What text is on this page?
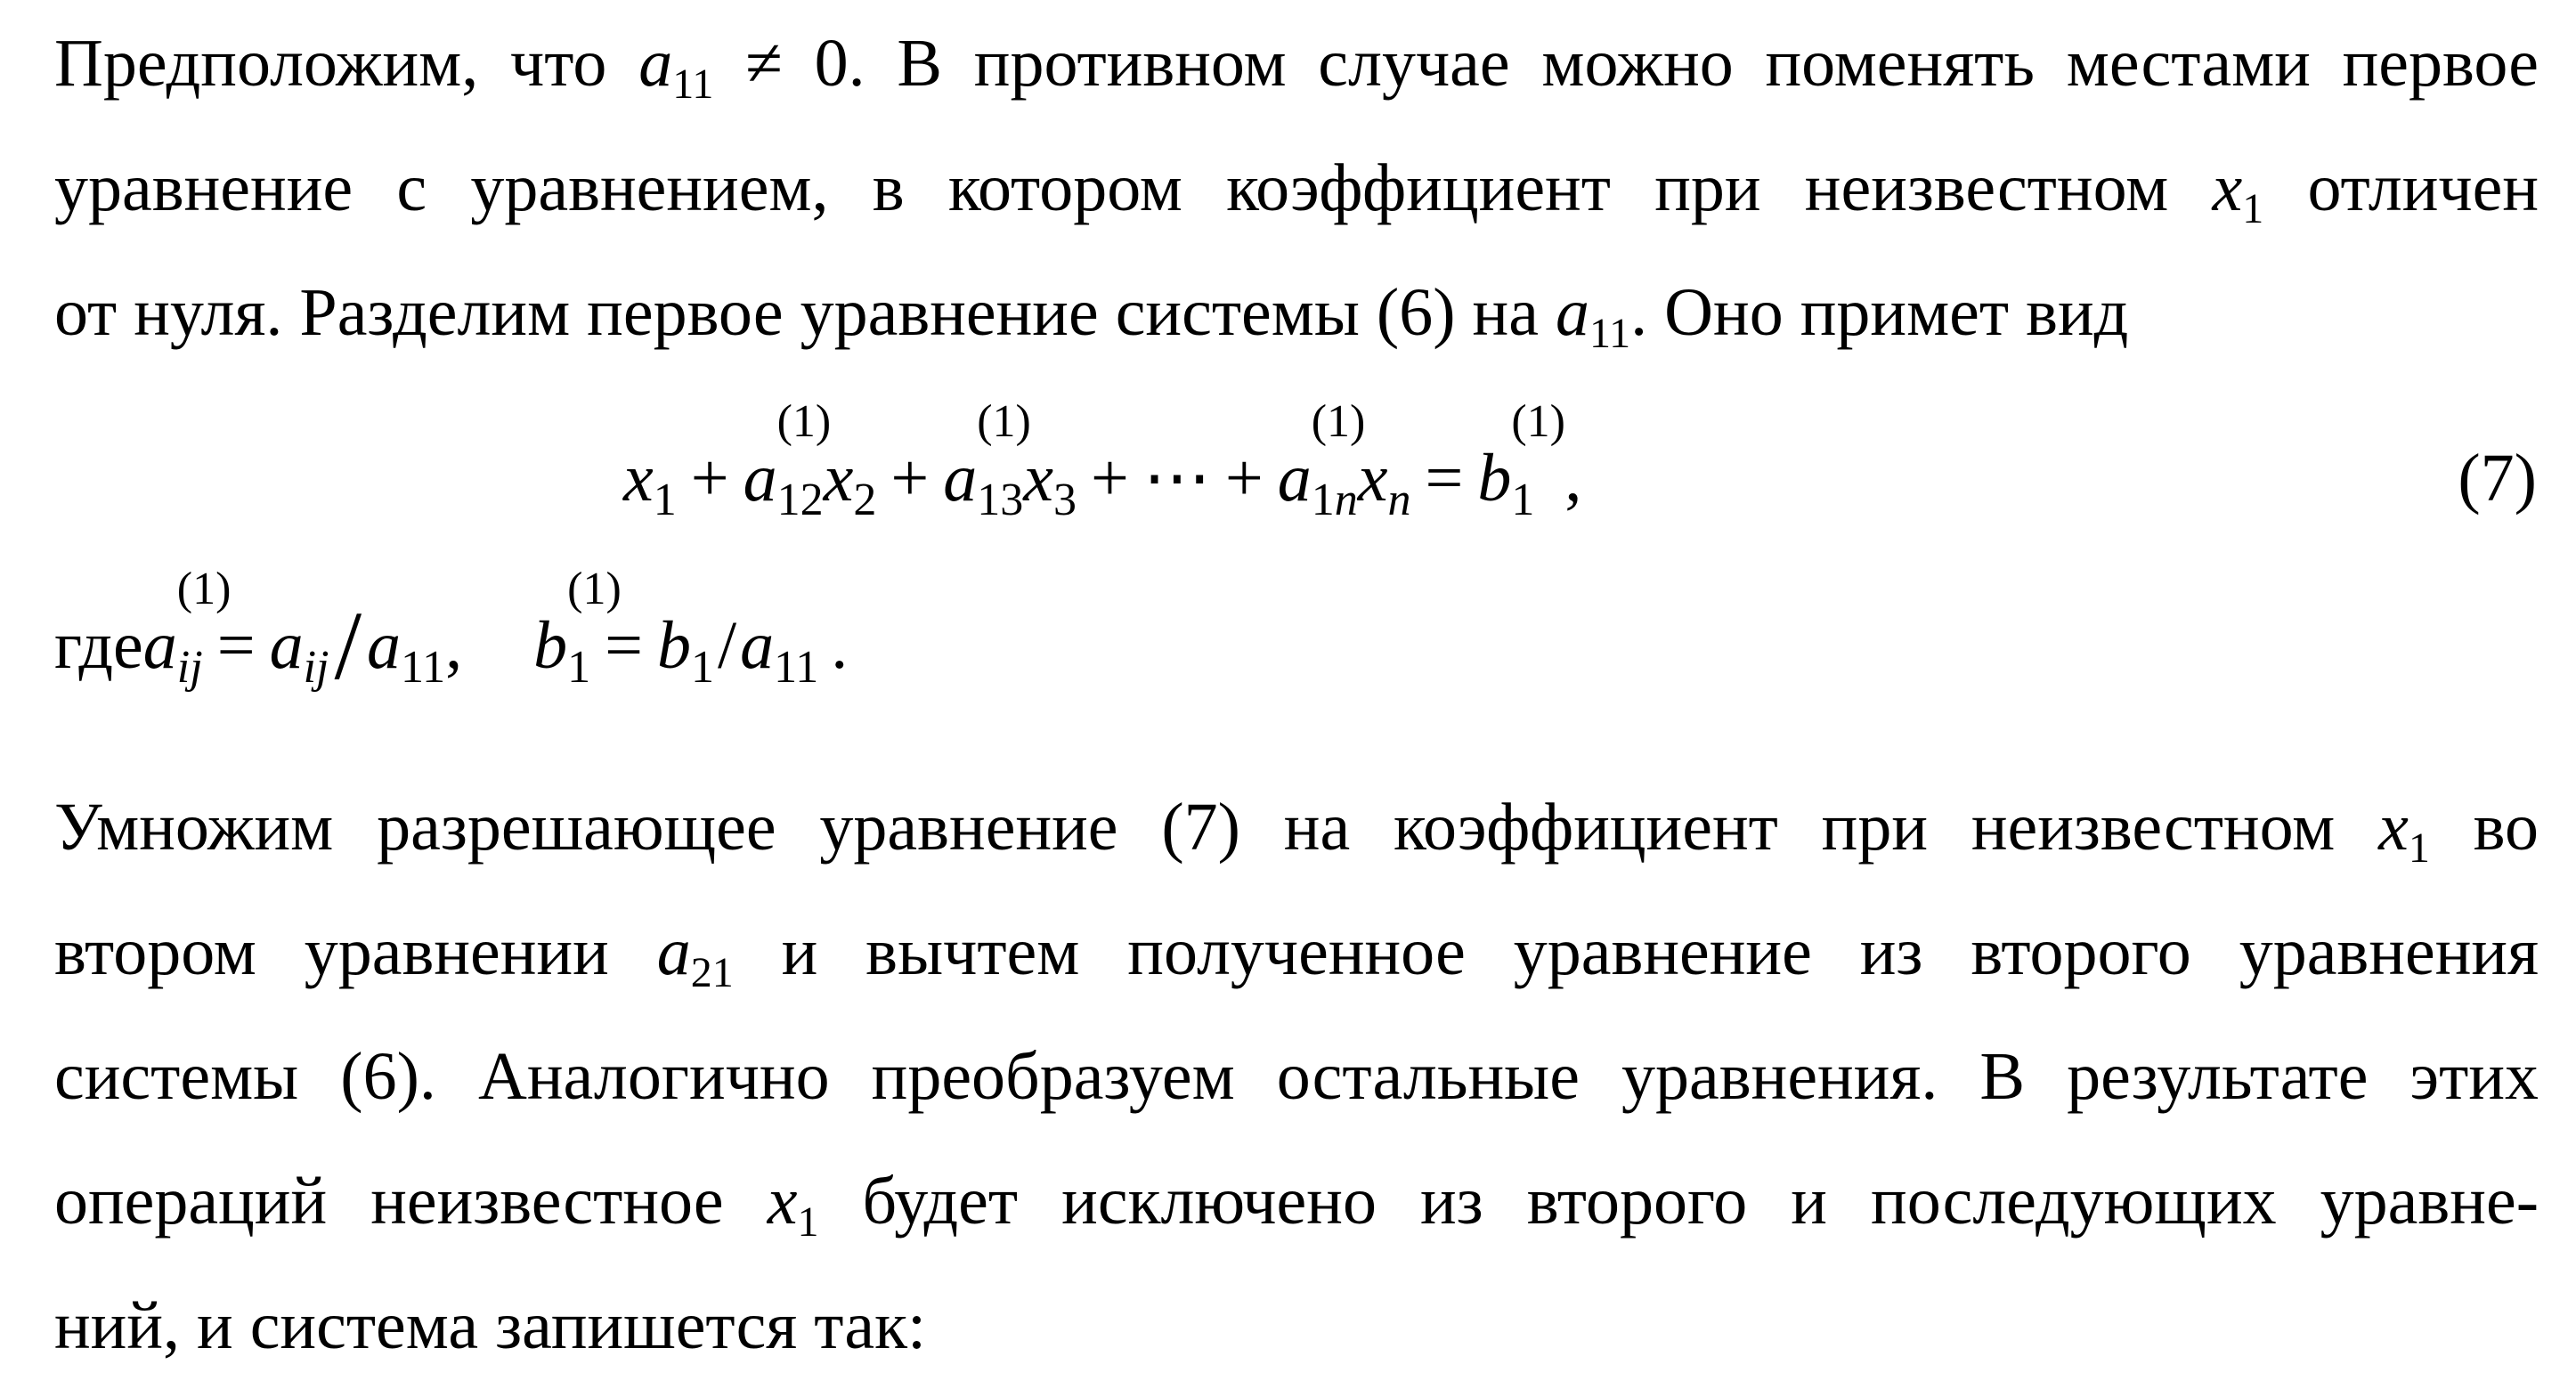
Предположим, что $a_{11} \ne 0$. В противном случае можно поменять местами первое
уравнение с уравнением, в котором коэффициент при неизвестном $x_1$ отличен
от нуля. Разделим первое уравнение системы (6) на $a_{11}$. Оно примет вид
$x_1 + a$
(1)
$12x_2 + a$
(1)
$13x_3$ + ⋯ + a
(1)
$1nx_n = b$
(1)
1 ,	(7)
гдеa
(1)
ij = $a_{ij}/a_{11}$, b
(1)
$1 = b_1/a_{11}$ .
Умножим разрешающее уравнение (7) на коэффициент при неизвестном $x_1$ во
втором уравнении $a_{21}$ и вычтем полученное уравнение из второго уравнения
системы (6). Аналогично преобразуем остальные уравнения. В результате этих
операций неизвестное $x_1$ будет исключено из второго и последующих уравне-
ний, и система запишется так:
